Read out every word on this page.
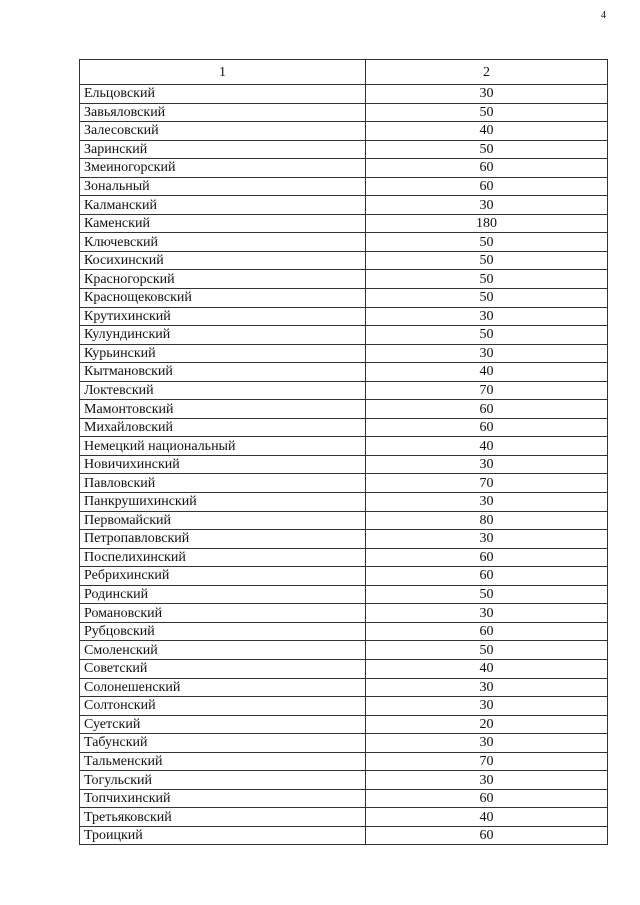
4
1	2
Ельцовский	30
Завьяловский	50
Залесовский	40
Заринский	50
Змеиногорский	60
Зональный	60
Калманский	30
Каменский	180
Ключевский	50
Косихинский	50
Красногорский	50
Краснощековский	50
Крутихинский	30
Кулундинский	50
Курьинский	30
Кытмановский	40
Локтевский	70
Мамонтовский	60
Михайловский	60
Немецкий национальный	40
Новичихинский	30
Павловский	70
Панкрушихинский	30
Первомайский	80
Петропавловский	30
Поспелихинский	60
Ребрихинский	60
Родинский	50
Романовский	30
Рубцовский	60
Смоленский	50
Советский	40
Солонешенский	30
Солтонский	30
Суетский	20
Табунский	30
Тальменский	70
Тогульский	30
Топчихинский	60
Третьяковский	40
Троицкий	60
